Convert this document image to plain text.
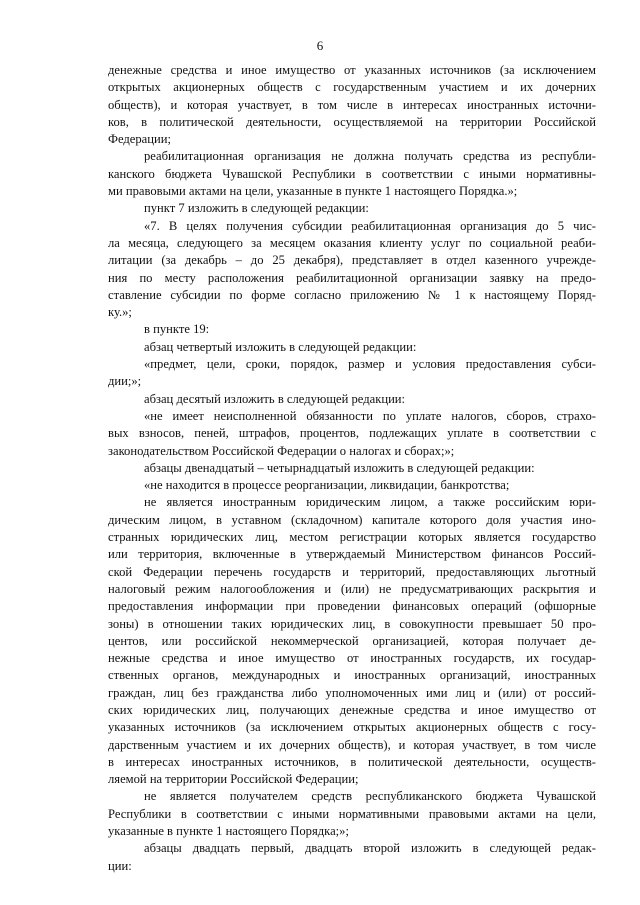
6
денежные средства и иное имущество от указанных источников (за исключением
открытых акционерных обществ с государственным участием и их дочерних
обществ), и которая участвует, в том числе в интересах иностранных источни-
ков, в политической деятельности, осуществляемой на территории Российской
Федерации;
реабилитационная организация не должна получать средства из республи-
канского бюджета Чувашской Республики в соответствии с иными нормативны-
ми правовыми актами на цели, указанные в пункте 1 настоящего Порядка.»;
пункт 7 изложить в следующей редакции:
«7. В целях получения субсидии реабилитационная организация до 5 чис-
ла месяца, следующего за месяцем оказания клиенту услуг по социальной реаби-
литации (за декабрь – до 25 декабря), представляет в отдел казенного учрежде-
ния по месту расположения реабилитационной организации заявку на предо-
ставление субсидии по форме согласно приложению № 1 к настоящему Поряд-
ку.»;
в пункте 19:
абзац четвертый изложить в следующей редакции:
«предмет, цели, сроки, порядок, размер и условия предоставления субси-
дии;»;
абзац десятый изложить в следующей редакции:
«не имеет неисполненной обязанности по уплате налогов, сборов, страхо-
вых взносов, пеней, штрафов, процентов, подлежащих уплате в соответствии с
законодательством Российской Федерации о налогах и сборах;»;
абзацы двенадцатый – четырнадцатый изложить в следующей редакции:
«не находится в процессе реорганизации, ликвидации, банкротства;
не является иностранным юридическим лицом, а также российским юри-
дическим лицом, в уставном (складочном) капитале которого доля участия ино-
странных юридических лиц, местом регистрации которых является государство
или территория, включенные в утверждаемый Министерством финансов Россий-
ской Федерации перечень государств и территорий, предоставляющих льготный
налоговый режим налогообложения и (или) не предусматривающих раскрытия и
предоставления информации при проведении финансовых операций (офшорные
зоны) в отношении таких юридических лиц, в совокупности превышает 50 про-
центов, или российской некоммерческой организацией, которая получает де-
нежные средства и иное имущество от иностранных государств, их государ-
ственных органов, международных и иностранных организаций, иностранных
граждан, лиц без гражданства либо уполномоченных ими лиц и (или) от россий-
ских юридических лиц, получающих денежные средства и иное имущество от
указанных источников (за исключением открытых акционерных обществ с госу-
дарственным участием и их дочерних обществ), и которая участвует, в том числе
в интересах иностранных источников, в политической деятельности, осуществ-
ляемой на территории Российской Федерации;
не является получателем средств республиканского бюджета Чувашской
Республики в соответствии с иными нормативными правовыми актами на цели,
указанные в пункте 1 настоящего Порядка;»;
абзацы двадцать первый, двадцать второй изложить в следующей редак-
ции:
